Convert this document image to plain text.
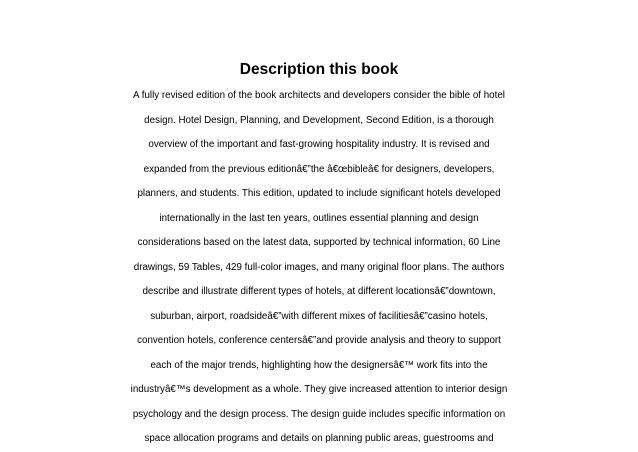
Description this book
A fully revised edition of the book architects and developers consider the bible of hotel
design. Hotel Design, Planning, and Development, Second Edition, is a thorough
overview of the important and fast-growing hospitality industry. It is revised and
expanded from the previous editionâ€”the â€œbibleâ€ for designers, developers,
planners, and students. This edition, updated to include significant hotels developed
internationally in the last ten years, outlines essential planning and design
considerations based on the latest data, supported by technical information, 60 Line
drawings, 59 Tables, 429 full-color images, and many original floor plans. The authors
describe and illustrate different types of hotels, at different locationsâ€”downtown,
suburban, airport, roadsideâ€”with different mixes of facilitiesâ€”casino hotels,
convention hotels, conference centersâ€”and provide analysis and theory to support
each of the major trends, highlighting how the designersâ€™ work fits into the
industryâ€™s development as a whole. They give increased attention to interior design
psychology and the design process. The design guide includes specific information on
space allocation programs and details on planning public areas, guestrooms and
